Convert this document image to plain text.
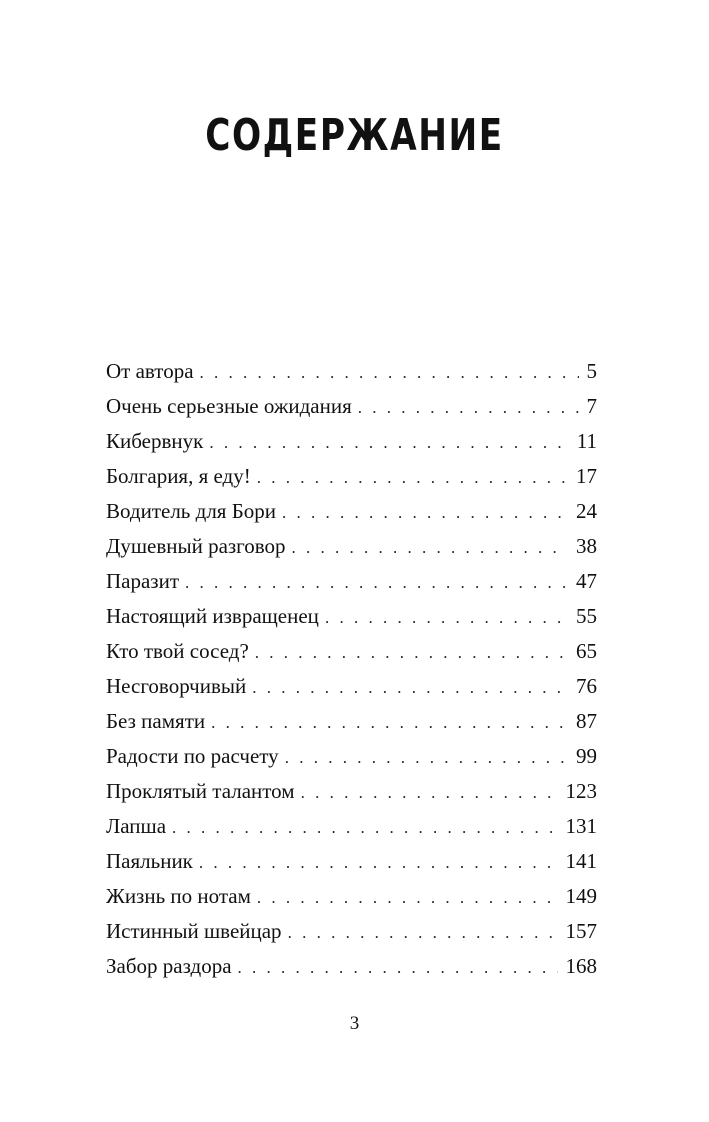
СОДЕРЖАНИЕ
От автора . . .	5
Очень серьезные ожидания . . .	7
Кибервнук . . .	11
Болгария, я еду! . . .	17
Водитель для Бори . . .	24
Душевный разговор . . .	38
Паразит . . .	47
Настоящий извращенец . . .	55
Кто твой сосед? . . .	65
Несговорчивый . . .	76
Без памяти . . .	87
Радости по расчету . . .	99
Проклятый талантом . . .	123
Лапша . . .	131
Паяльник . . .	141
Жизнь по нотам . . .	149
Истинный швейцар . . .	157
Забор раздора . . .	168

3
